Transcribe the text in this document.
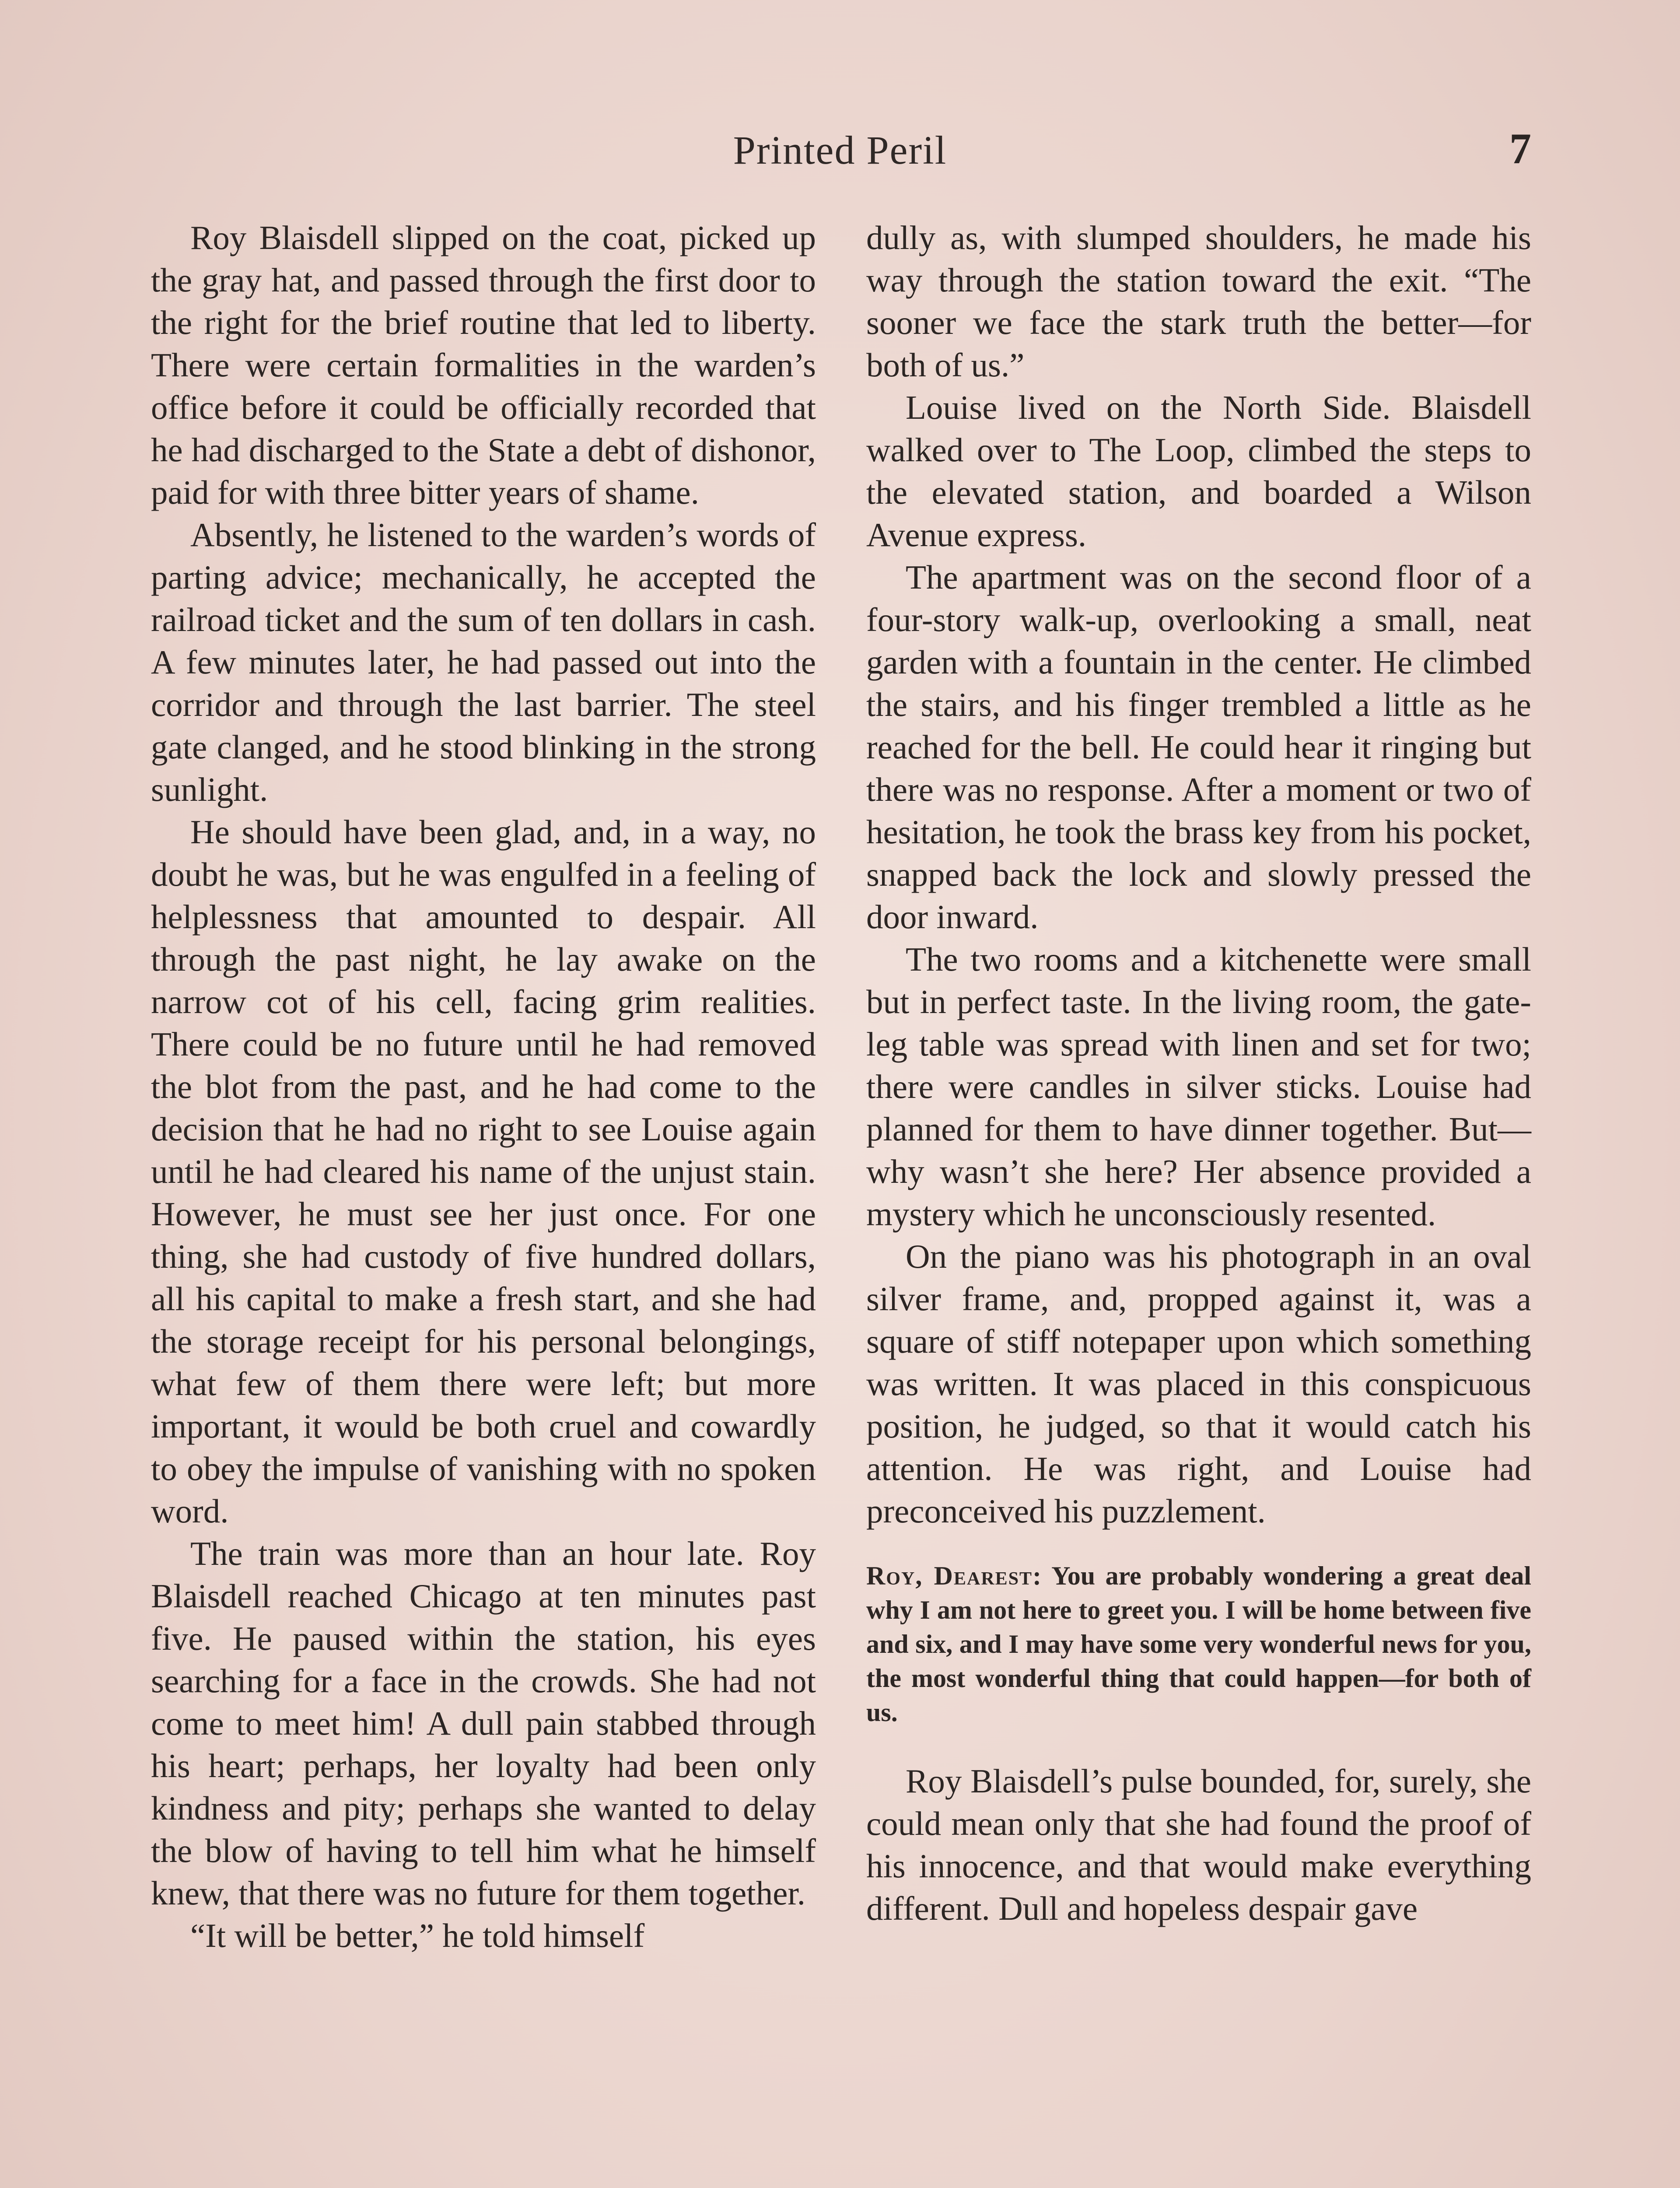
Printed Peril	7

Roy Blaisdell slipped on the coat, picked up the gray hat, and passed through the first door to the right for the brief routine that led to liberty. There were certain formalities in the warden’s office before it could be officially recorded that he had discharged to the State a debt of dishonor, paid for with three bitter years of shame.

Absently, he listened to the warden’s words of parting advice; mechanically, he accepted the railroad ticket and the sum of ten dollars in cash. A few minutes later, he had passed out into the corridor and through the last barrier. The steel gate clanged, and he stood blinking in the strong sunlight.

He should have been glad, and, in a way, no doubt he was, but he was engulfed in a feeling of helplessness that amounted to despair. All through the past night, he lay awake on the narrow cot of his cell, facing grim realities. There could be no future until he had removed the blot from the past, and he had come to the decision that he had no right to see Louise again until he had cleared his name of the unjust stain. However, he must see her just once. For one thing, she had custody of five hundred dollars, all his capital to make a fresh start, and she had the storage receipt for his personal belongings, what few of them there were left; but more important, it would be both cruel and cowardly to obey the impulse of vanishing with no spoken word.

The train was more than an hour late. Roy Blaisdell reached Chicago at ten minutes past five. He paused within the station, his eyes searching for a face in the crowds. She had not come to meet him! A dull pain stabbed through his heart; perhaps, her loyalty had been only kindness and pity; perhaps she wanted to delay the blow of having to tell him what he himself knew, that there was no future for them together.

“It will be better,” he told himself

dully as, with slumped shoulders, he made his way through the station toward the exit. “The sooner we face the stark truth the better—for both of us.”

Louise lived on the North Side. Blaisdell walked over to The Loop, climbed the steps to the elevated station, and boarded a Wilson Avenue express.

The apartment was on the second floor of a four-story walk-up, overlooking a small, neat garden with a fountain in the center. He climbed the stairs, and his finger trembled a little as he reached for the bell. He could hear it ringing but there was no response. After a moment or two of hesitation, he took the brass key from his pocket, snapped back the lock and slowly pressed the door inward.

The two rooms and a kitchenette were small but in perfect taste. In the living room, the gate-leg table was spread with linen and set for two; there were candles in silver sticks. Louise had planned for them to have dinner together. But—why wasn’t she here? Her absence provided a mystery which he unconsciously resented.

On the piano was his photograph in an oval silver frame, and, propped against it, was a square of stiff notepaper upon which something was written. It was placed in this conspicuous position, he judged, so that it would catch his attention. He was right, and Louise had preconceived his puzzlement.

Roy, Dearest: You are probably wondering a great deal why I am not here to greet you. I will be home between five and six, and I may have some very wonderful news for you, the most wonderful thing that could happen—for both of us.

Roy Blaisdell’s pulse bounded, for, surely, she could mean only that she had found the proof of his innocence, and that would make everything different. Dull and hopeless despair gave
